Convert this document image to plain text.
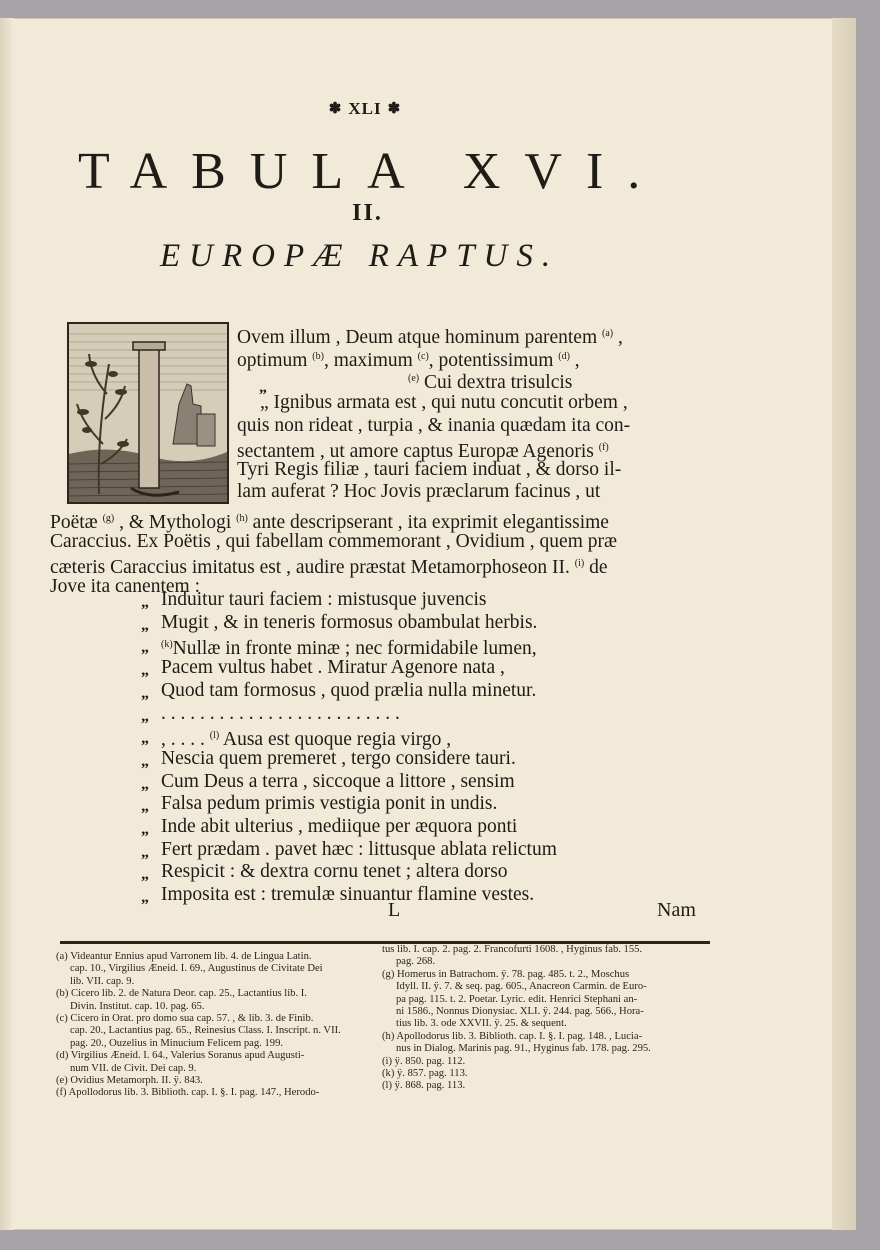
✽ XLI ✽
TABULA XVI.
II.
EUROPÆ RAPTUS.
Ovem illum , Deum atque hominum parentem $^{(a)}$ ,
optimum $^{(b)}$, maximum $^{(c)}$, potentissimum $^{(d)}$ ,
$^{(e)}$ Cui dextra trisulcis
„ Ignibus armata est , qui nutu concutit orbem ,
quis non rideat , turpia , & inania quædam ita con-
sectantem , ut amore captus Europæ Agenoris $^{(f)}$
Tyri Regis filiæ , tauri faciem induat , & dorso il-
lam auferat ? Hoc Jovis præclarum facinus , ut
Poëtæ $^{(g)}$ , & Mythologi $^{(h)}$ ante descripserant , ita exprimit elegantissime
Caraccius. Ex Poëtis , qui fabellam commemorant , Ovidium , quem præ
cæteris Caraccius imitatus est , audire præstat Metamorphoseon II. $^{(i)}$ de
Jove ita canentem :
„
„ Induitur tauri faciem : mistusque juvencis
„ Mugit , & in teneris formosus obambulat herbis.
„ $^{(k)}$Nullæ in fronte minæ ; nec formidabile lumen,
„ Pacem vultus habet . Miratur Agenore nata ,
„ Quod tam formosus , quod prælia nulla minetur.
„ . . . . . . . . . . . . . . . . . . . . . . . . .
„ , . . . . $^{(l)}$ Ausa est quoque regia virgo ,
„ Nescia quem premeret , tergo considere tauri.
„ Cum Deus a terra , siccoque a littore , sensim
„ Falsa pedum primis vestigia ponit in undis.
„ Inde abit ulterius , mediique per æquora ponti
„ Fert prædam . pavet hæc : littusque ablata relictum
„ Respicit : & dextra cornu tenet ; altera dorso
„ Imposita est : tremulæ sinuantur flamine vestes.
L	Nam
(a) Videantur Ennius apud Varronem lib. 4. de Lingua Latin.
cap. 10., Virgilius Æneid. I. 69., Augustinus de Civitate Dei
lib. VII. cap. 9.
(b) Cicero lib. 2. de Natura Deor. cap. 25., Lactantius lib. I.
Divin. Institut. cap. 10. pag. 65.
(c) Cicero in Orat. pro domo sua cap. 57. , & lib. 3. de Finib.
cap. 20., Lactantius pag. 65., Reinesius Class. I. Inscript. n. VII.
pag. 20., Ouzelius in Minucium Felicem pag. 199.
(d) Virgilius Æneid. I. 64., Valerius Soranus apud Augusti-
num VII. de Civit. Dei cap. 9.
(e) Ovidius Metamorph. II. ÿ. 843.
(f) Apollodorus lib. 3. Biblioth. cap. I. §. I. pag. 147., Herodo-
tus lib. I. cap. 2. pag. 2. Francofurti 1608. , Hyginus fab. 155.
pag. 268.
(g) Homerus in Batrachom. ÿ. 78. pag. 485. t. 2., Moschus
Idyll. II. ÿ. 7. & seq. pag. 605., Anacreon Carmin. de Euro-
pa pag. 115. t. 2. Poetar. Lyric. edit. Henrici Stephani an-
ni 1586., Nonnus Dionysiac. XLI. ÿ. 244. pag. 566., Hora-
tius lib. 3. ode XXVII. ÿ. 25. & sequent.
(h) Apollodorus lib. 3. Biblioth. cap. I. §. I. pag. 148. , Lucia-
nus in Dialog. Marinis pag. 91., Hyginus fab. 178. pag. 295.
(i) ÿ. 850. pag. 112.
(k) ÿ. 857. pag. 113.
(l) ÿ. 868. pag. 113.
